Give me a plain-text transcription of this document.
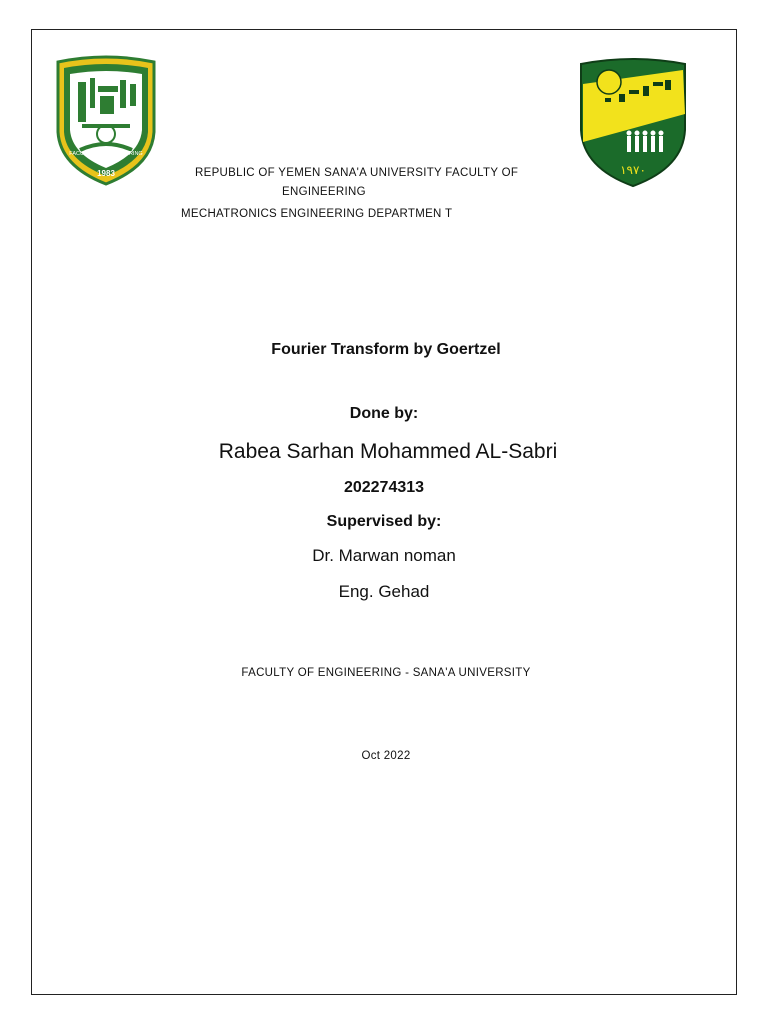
FACULTY OF ENGINEERING
1983	١٩٧٠
REPUBLIC OF YEMEN SANA'A UNIVERSITY FACULTY OF
ENGINEERING
MECHATRONICS ENGINEERING DEPARTMEN T
Fourier Transform by Goertzel
Done by:
Rabea Sarhan Mohammed AL-Sabri
202274313
Supervised by:
Dr. Marwan noman
Eng. Gehad
FACULTY OF ENGINEERING - SANA'A UNIVERSITY
Oct 2022
